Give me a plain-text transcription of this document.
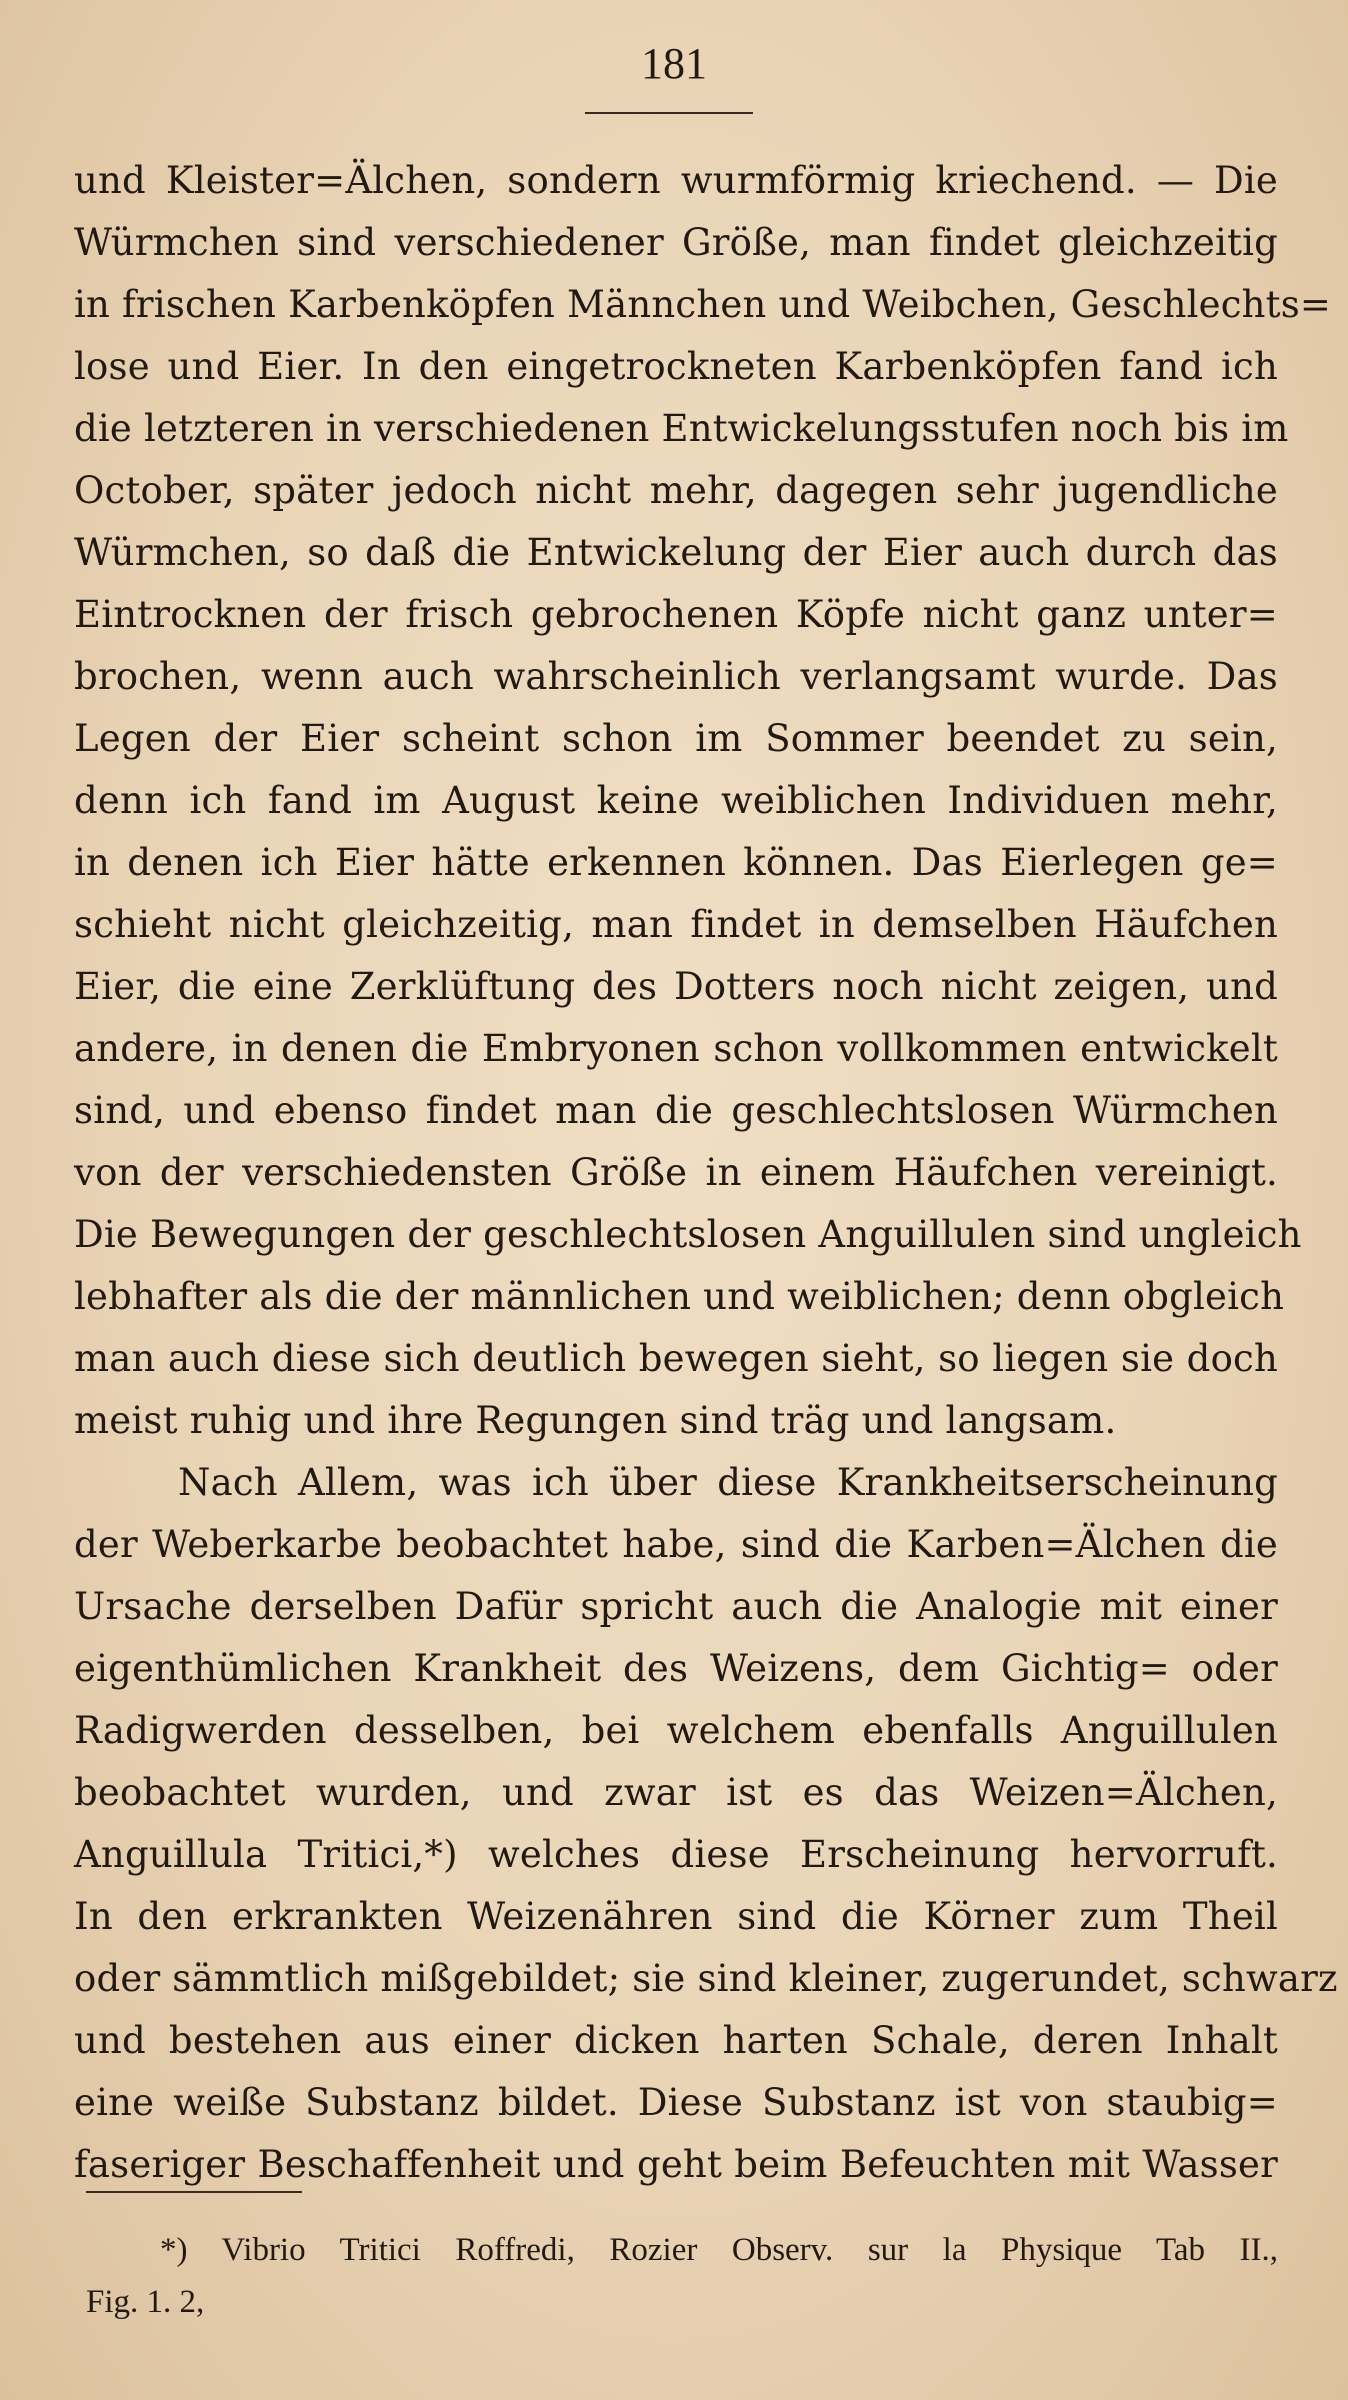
181
und Kleister=Älchen, sondern wurmförmig kriechend. — Die
Würmchen sind verschiedener Größe, man findet gleichzeitig
in frischen Karbenköpfen Männchen und Weibchen, Geschlechts=
lose und Eier. In den eingetrockneten Karbenköpfen fand ich
die letzteren in verschiedenen Entwickelungsstufen noch bis im
October, später jedoch nicht mehr, dagegen sehr jugendliche
Würmchen, so daß die Entwickelung der Eier auch durch das
Eintrocknen der frisch gebrochenen Köpfe nicht ganz unter=
brochen, wenn auch wahrscheinlich verlangsamt wurde. Das
Legen der Eier scheint schon im Sommer beendet zu sein,
denn ich fand im August keine weiblichen Individuen mehr,
in denen ich Eier hätte erkennen können. Das Eierlegen ge=
schieht nicht gleichzeitig, man findet in demselben Häufchen
Eier, die eine Zerklüftung des Dotters noch nicht zeigen, und
andere, in denen die Embryonen schon vollkommen entwickelt
sind, und ebenso findet man die geschlechtslosen Würmchen
von der verschiedensten Größe in einem Häufchen vereinigt.
Die Bewegungen der geschlechtslosen Anguillulen sind ungleich
lebhafter als die der männlichen und weiblichen; denn obgleich
man auch diese sich deutlich bewegen sieht, so liegen sie doch
meist ruhig und ihre Regungen sind träg und langsam.
Nach Allem, was ich über diese Krankheitserscheinung
der Weberkarbe beobachtet habe, sind die Karben=Älchen die
Ursache derselben Dafür spricht auch die Analogie mit einer
eigenthümlichen Krankheit des Weizens, dem Gichtig= oder
Radigwerden desselben, bei welchem ebenfalls Anguillulen
beobachtet wurden, und zwar ist es das Weizen=Älchen,
Anguillula Tritici,*) welches diese Erscheinung hervorruft.
In den erkrankten Weizenähren sind die Körner zum Theil
oder sämmtlich mißgebildet; sie sind kleiner, zugerundet, schwarz
und bestehen aus einer dicken harten Schale, deren Inhalt
eine weiße Substanz bildet. Diese Substanz ist von staubig=
faseriger Beschaffenheit und geht beim Befeuchten mit Wasser
*) Vibrio Tritici Roffredi, Rozier Observ. sur la Physique Tab II.,
Fig. 1. 2,
